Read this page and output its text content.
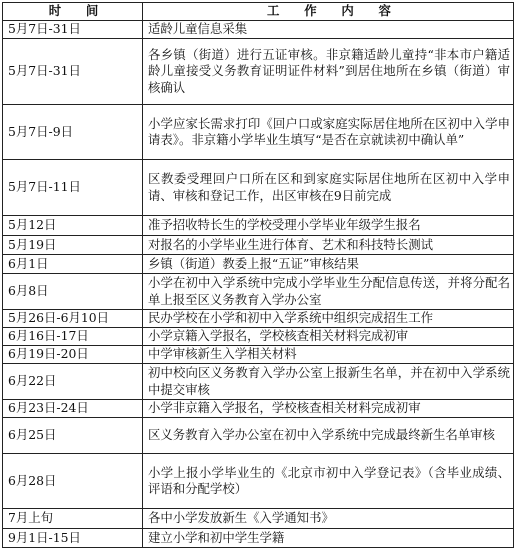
时　　间	工　　作　　内　　容
5月7日-31日	适龄儿童信息采集
5月7日-31日	各乡镇（街道）进行五证审核。非京籍适龄儿童持“非本市户籍适龄儿童接受义务教育证明证件材料”到居住地所在乡镇（街道）审核确认
5月7日-9日	小学应家长需求打印《回户口或家庭实际居住地所在区初中入学申请表》。非京籍小学毕业生填写“是否在京就读初中确认单”
5月7日-11日	区教委受理回户口所在区和到家庭实际居住地所在区初中入学申请、审核和登记工作，出区审核在9日前完成
5月12日	准予招收特长生的学校受理小学毕业年级学生报名
5月19日	对报名的小学毕业生进行体育、艺术和科技特长测试
6月1日	乡镇（街道）教委上报“五证”审核结果
6月8日	小学在初中入学系统中完成小学毕业生分配信息传送，并将分配名单上报至区义务教育入学办公室
5月26日-6月10日	民办学校在小学和初中入学系统中组织完成招生工作
6月16日-17日	小学京籍入学报名，学校核查相关材料完成初审
6月19日-20日	中学审核新生入学相关材料
6月22日	初中校向区义务教育入学办公室上报新生名单，并在初中入学系统中提交审核
6月23日-24日	小学非京籍入学报名，学校核查相关材料完成初审
6月25日	区义务教育入学办公室在初中入学系统中完成最终新生名单审核
6月28日	小学上报小学毕业生的《北京市初中入学登记表》（含毕业成绩、评语和分配学校）
7月上旬	各中小学发放新生《入学通知书》
9月1日-15日	建立小学和初中学生学籍
